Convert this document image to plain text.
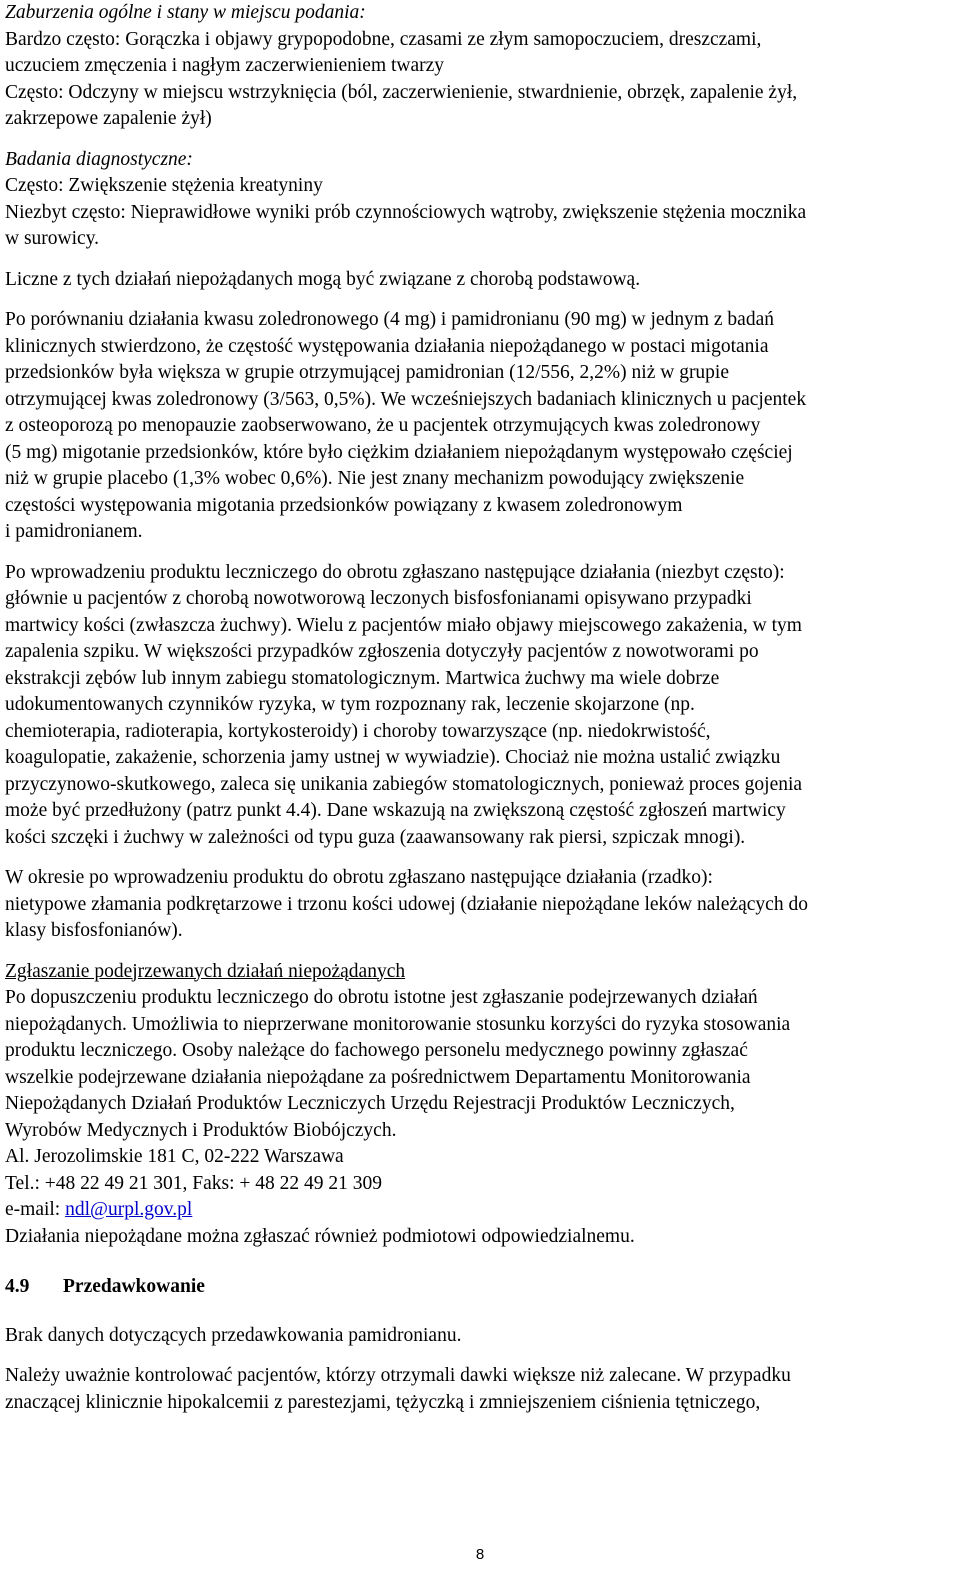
Zaburzenia ogólne i stany w miejscu podania:
Bardzo często: Gorączka i objawy grypopodobne, czasami ze złym samopoczuciem, dreszczami,
uczuciem zmęczenia i nagłym zaczerwienieniem twarzy
Często: Odczyny w miejscu wstrzyknięcia (ból, zaczerwienienie, stwardnienie, obrzęk, zapalenie żył,
zakrzepowe zapalenie żył)
Badania diagnostyczne:
Często: Zwiększenie stężenia kreatyniny
Niezbyt często: Nieprawidłowe wyniki prób czynnościowych wątroby, zwiększenie stężenia mocznika
w surowicy.
Liczne z tych działań niepożądanych mogą być związane z chorobą podstawową.
Po porównaniu działania kwasu zoledronowego (4 mg) i pamidronianu (90 mg) w jednym z badań
klinicznych stwierdzono, że częstość występowania działania niepożądanego w postaci migotania
przedsionków była większa w grupie otrzymującej pamidronian (12/556, 2,2%) niż w grupie
otrzymującej kwas zoledronowy (3/563, 0,5%). We wcześniejszych badaniach klinicznych u pacjentek
z osteoporozą po menopauzie zaobserwowano, że u pacjentek otrzymujących kwas zoledronowy
(5 mg) migotanie przedsionków, które było ciężkim działaniem niepożądanym występowało częściej
niż w grupie placebo (1,3% wobec 0,6%). Nie jest znany mechanizm powodujący zwiększenie
częstości występowania migotania przedsionków powiązany z kwasem zoledronowym
i pamidronianem.
Po wprowadzeniu produktu leczniczego do obrotu zgłaszano następujące działania (niezbyt często):
głównie u pacjentów z chorobą nowotworową leczonych bisfosfonianami opisywano przypadki
martwicy kości (zwłaszcza żuchwy). Wielu z pacjentów miało objawy miejscowego zakażenia, w tym
zapalenia szpiku. W większości przypadków zgłoszenia dotyczyły pacjentów z nowotworami po
ekstrakcji zębów lub innym zabiegu stomatologicznym. Martwica żuchwy ma wiele dobrze
udokumentowanych czynników ryzyka, w tym rozpoznany rak, leczenie skojarzone (np.
chemioterapia, radioterapia, kortykosteroidy) i choroby towarzyszące (np. niedokrwistość,
koagulopatie, zakażenie, schorzenia jamy ustnej w wywiadzie). Chociaż nie można ustalić związku
przyczynowo-skutkowego, zaleca się unikania zabiegów stomatologicznych, ponieważ proces gojenia
może być przedłużony (patrz punkt 4.4). Dane wskazują na zwiększoną częstość zgłoszeń martwicy
kości szczęki i żuchwy w zależności od typu guza (zaawansowany rak piersi, szpiczak mnogi).
W okresie po wprowadzeniu produktu do obrotu zgłaszano następujące działania (rzadko):
nietypowe złamania podkrętarzowe i trzonu kości udowej (działanie niepożądane leków należących do
klasy bisfosfonianów).
Zgłaszanie podejrzewanych działań niepożądanych
Po dopuszczeniu produktu leczniczego do obrotu istotne jest zgłaszanie podejrzewanych działań
niepożądanych. Umożliwia to nieprzerwane monitorowanie stosunku korzyści do ryzyka stosowania
produktu leczniczego. Osoby należące do fachowego personelu medycznego powinny zgłaszać
wszelkie podejrzewane działania niepożądane za pośrednictwem Departamentu Monitorowania
Niepożądanych Działań Produktów Leczniczych Urzędu Rejestracji Produktów Leczniczych,
Wyrobów Medycznych i Produktów Biobójczych.
Al. Jerozolimskie 181 C, 02-222 Warszawa
Tel.: +48 22 49 21 301, Faks: + 48 22 49 21 309
e-mail: ndl@urpl.gov.pl
Działania niepożądane można zgłaszać również podmiotowi odpowiedzialnemu.
4.9	Przedawkowanie
Brak danych dotyczących przedawkowania pamidronianu.
Należy uważnie kontrolować pacjentów, którzy otrzymali dawki większe niż zalecane. W przypadku
znaczącej klinicznie hipokalcemii z parestezjami, tężyczką i zmniejszeniem ciśnienia tętniczego,
8
